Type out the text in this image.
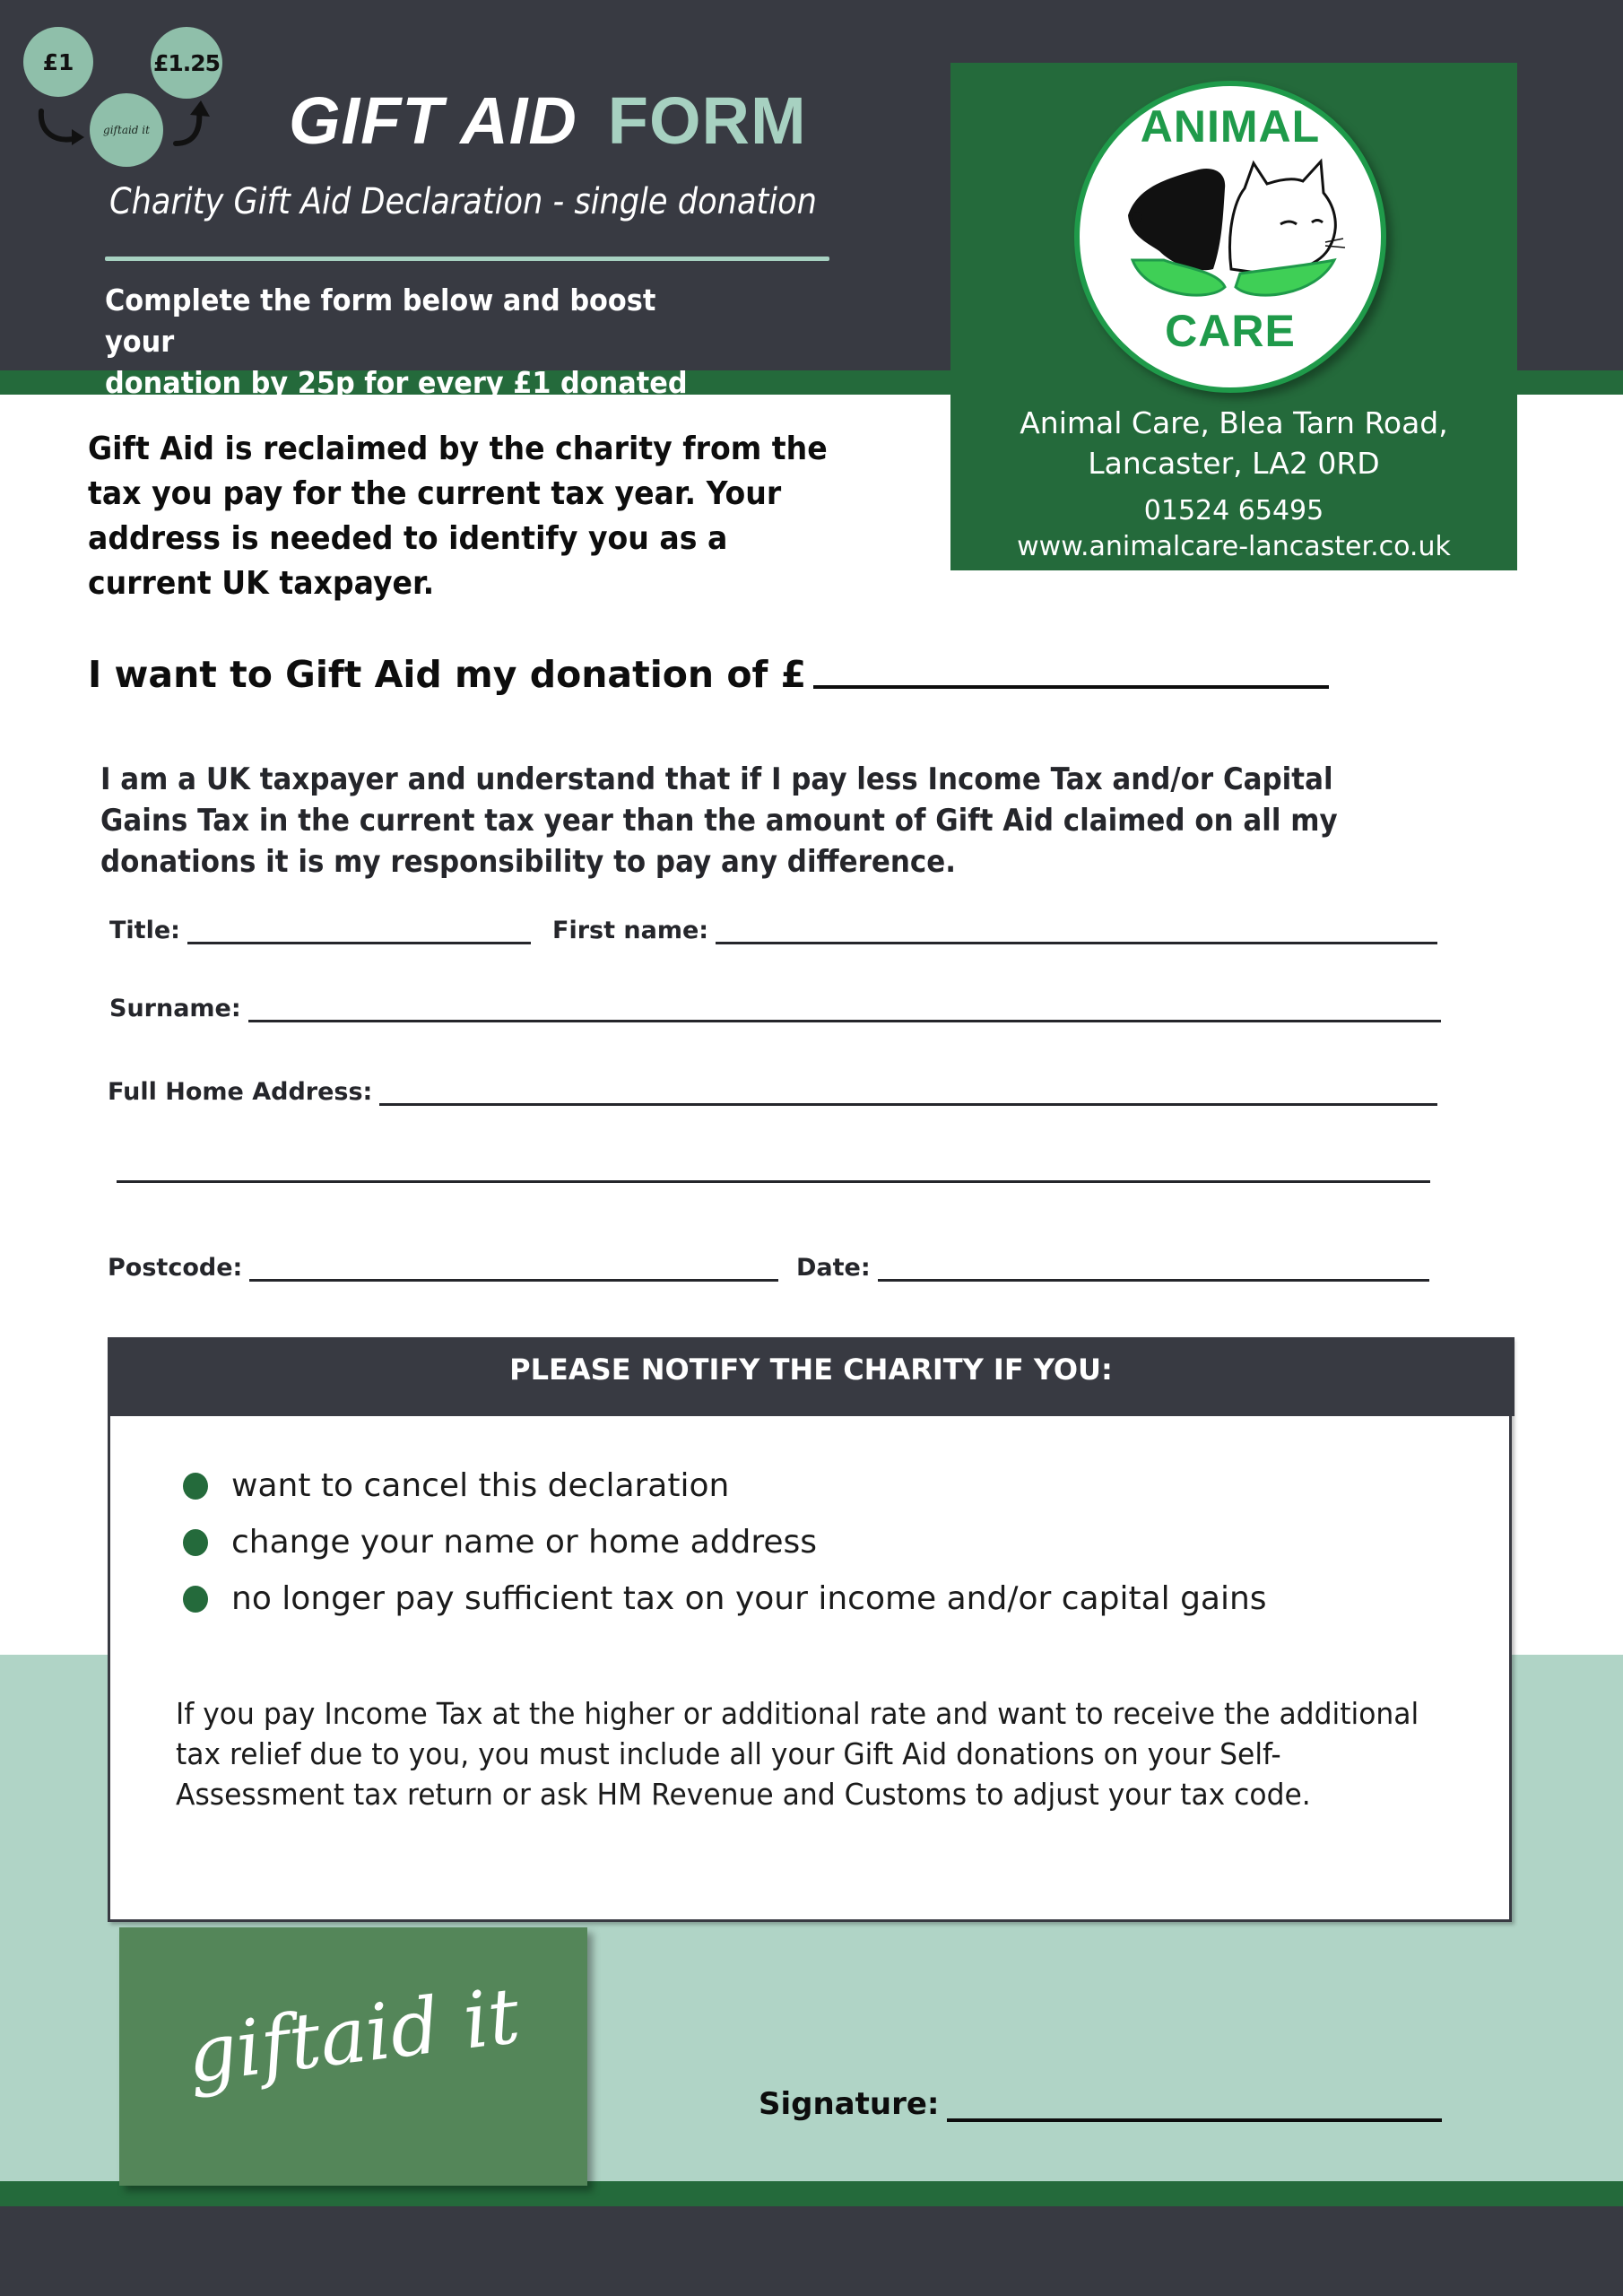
£1	£1.25
giftaid it GIFT AID FORM
Charity Gift Aid Declaration - single donation
Complete the form below and boost your
donation by 25p for every £1 donated
ANIMAL
CARE
Animal Care, Blea Tarn Road,
Lancaster, LA2 0RD
01524 65495
www.animalcare-lancaster.co.uk
Gift Aid is reclaimed by the charity from the tax you pay for the current tax year. Your address is needed to identify you as a current UK taxpayer.
I want to Gift Aid my donation of £
I am a UK taxpayer and understand that if I pay less Income Tax and/or Capital Gains Tax in the current tax year than the amount of Gift Aid claimed on all my donations it is my responsibility to pay any difference.
Title:	First name:
Surname:
Full Home Address:
Postcode:	Date:
PLEASE NOTIFY THE CHARITY IF YOU:
want to cancel this declaration
change your name or home address
no longer pay sufficient tax on your income and/or capital gains
If you pay Income Tax at the higher or additional rate and want to receive the additional tax relief due to you, you must include all your Gift Aid donations on your Self-Assessment tax return or ask HM Revenue and Customs to adjust your tax code.
giftaid it
Signature:
